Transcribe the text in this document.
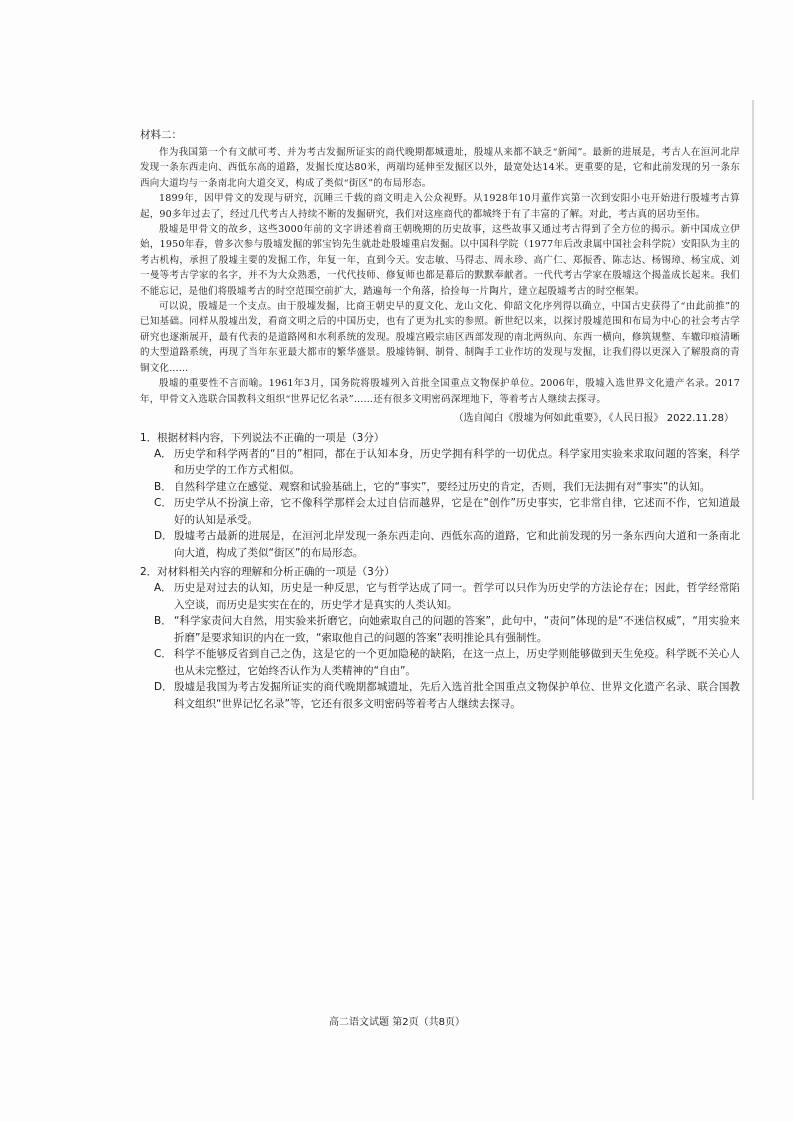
材料二：

作为我国第一个有文献可考、并为考古发掘所证实的商代晚期都城遗址，殷墟从来都不缺乏“新闻”。最新的进展是，考古人在洹河北岸发现一条东西走向、西低东高的道路，发掘长度达80米，两端均延伸至发掘区以外，最宽处达14米。更重要的是，它和此前发现的另一条东西向大道均与一条南北向大道交叉，构成了类似“街区”的布局形态。

1899年，因甲骨文的发现与研究，沉睡三千载的商文明走入公众视野。从1928年10月董作宾第一次到安阳小屯开始进行殷墟考古算起，90多年过去了，经过几代考古人持续不断的发掘研究，我们对这座商代的都城终于有了丰富的了解。对此，考古真的居功至伟。

殷墟是甲骨文的故乡，这些3000年前的文字讲述着商王朝晚期的历史故事，这些故事又通过考古得到了全方位的揭示。新中国成立伊始，1950年春，曾多次参与殷墟发掘的郭宝钧先生就赴赴殷墟重启发掘。以中国科学院（1977年后改隶属中国社会科学院）安阳队为主的考古机构，承担了殷墟主要的发掘工作，年复一年，直到今天。安志敏、马得志、周永珍、高广仁、郑振香、陈志达、杨锡璋、杨宝成、刘一曼等考古学家的名字，并不为大众熟悉，一代代技师、修复师也都是幕后的默默奉献者。一代代考古学家在殷墟这个揭盖成长起来。我们不能忘记，是他们将殷墟考古的时空范围空前扩大，踏遍每一个角落，拾捡每一片陶片，建立起殷墟考古的时空框架。

可以说，殷墟是一个支点。由于殷墟发掘，比商王朝史早的夏文化、龙山文化、仰韶文化序列得以确立，中国古史获得了“由此前推”的已知基础。同样从殷墟出发，看商文明之后的中国历史，也有了更为扎实的参照。新世纪以来，以探讨殷墟范围和布局为中心的社会考古学研究也逐渐展开，最有代表的是道路网和水利系统的发现。殷墟宫殿宗庙区西部发现的南北两纵向、东西一横向，修筑规整、车辙印痕清晰的大型道路系统，再现了当年东亚最大都市的繁华盛景。殷墟铸铜、制骨、制陶手工业作坊的发现与发掘，让我们得以更深入了解殷商的青铜文化……

殷墟的重要性不言而喻。1961年3月，国务院将殷墟列入首批全国重点文物保护单位。2006年，殷墟入选世界文化遗产名录。2017年，甲骨文入选联合国教科文组织“世界记忆名录”……还有很多文明密码深埋地下，等着考古人继续去探寻。

（选自闻白《殷墟为何如此重要》，《人民日报》 2022.11.28）
1．根据材料内容，下列说法不正确的一项是（3分）
A． 历史学和科学两者的“目的”相同，都在于认知本身，历史学拥有科学的一切优点。科学家用实验来求取问题的答案，科学和历史学的工作方式相似。
B． 自然科学建立在感觉、观察和试验基础上，它的“事实”，要经过历史的肯定，否则，我们无法拥有对“事实”的认知。
C． 历史学从不扮演上帝，它不像科学那样会太过自信而越界，它是在“创作”历史事实，它非常自律，它述而不作，它知道最好的认知是承受。
D． 殷墟考古最新的进展是，在洹河北岸发现一条东西走向、西低东高的道路，它和此前发现的另一条东西向大道和一条南北向大道，构成了类似“街区”的布局形态。
2．对材料相关内容的理解和分析正确的一项是（3分）
A． 历史是对过去的认知，历史是一种反思，它与哲学达成了同一。哲学可以只作为历史学的方法论存在；因此，哲学经常陷入空谈，而历史是实实在在的，历史学才是真实的人类认知。
B． “科学家责问大自然，用实验来折磨它，向她索取自己的问题的答案”，此句中，“责问”体现的是“不迷信权威”，“用实验来折磨”是要求知识的内在一致，“索取他自己的问题的答案”表明推论具有强制性。
C． 科学不能够反省到自己之伪，这是它的一个更加隐秘的缺陷，在这一点上，历史学则能够做到天生免疫。科学既不关心人也从未完整过，它始终否认作为人类精神的“自由”。
D． 殷墟是我国为考古发掘所证实的商代晚期都城遗址，先后入选首批全国重点文物保护单位、世界文化遗产名录、联合国教科文组织“世界记忆名录”等，它还有很多文明密码等着考古人继续去探寻。
高二语文试题 第2页（共8页）
